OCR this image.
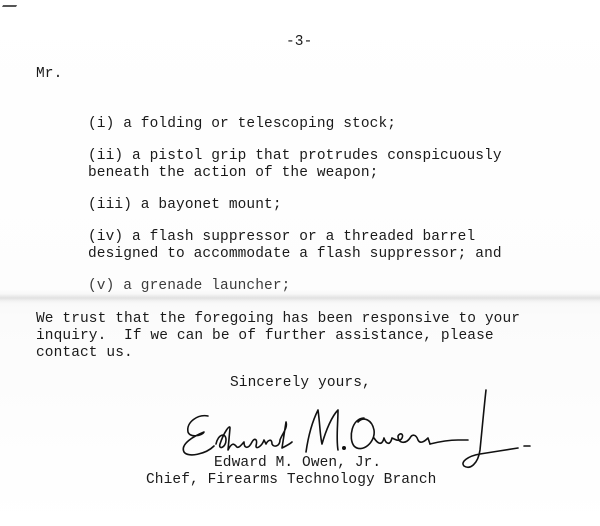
-3-
Mr.
(i) a folding or telescoping stock;
(ii) a pistol grip that protrudes conspicuously
beneath the action of the weapon;
(iii) a bayonet mount;
(iv) a flash suppressor or a threaded barrel
designed to accommodate a flash suppressor; and
(v) a grenade launcher;
We trust that the foregoing has been responsive to your
inquiry.  If we can be of further assistance, please
contact us.
Sincerely yours,
Edward M. Owen, Jr.
Chief, Firearms Technology Branch
